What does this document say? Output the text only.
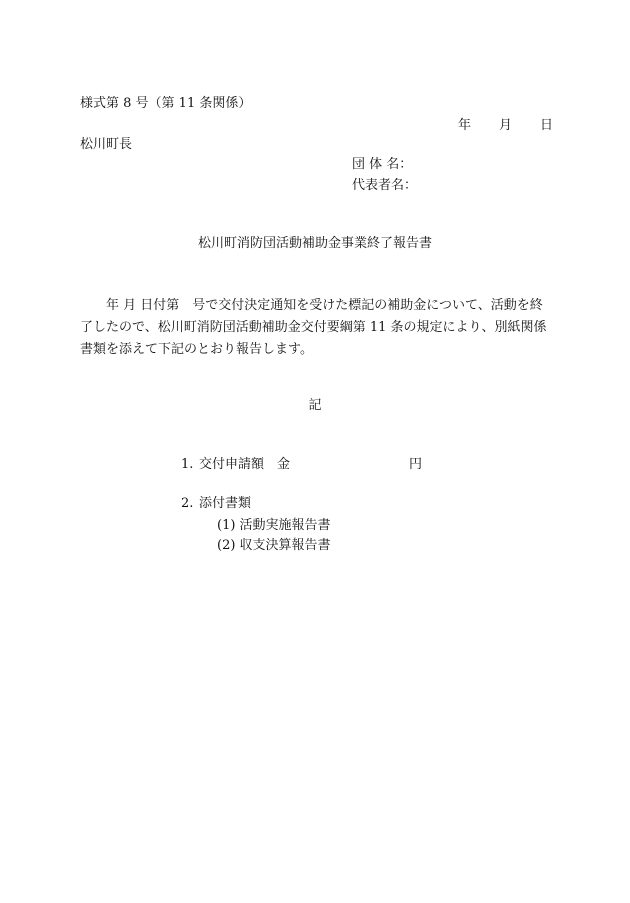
様式第 8 号（第 11 条関係）
年 月 日
松川町長
団 体 名：
代表者名：
松川町消防団活動補助金事業終了報告書
年 月 日付第　号で交付決定通知を受けた標記の補助金について、活動を終了したので、松川町消防団活動補助金交付要綱第 11 条の規定により、別紙関係書類を添えて下記のとおり報告します。
記
1. 交付申請額　金	円
2. 添付書類
(1) 活動実施報告書
(2) 収支決算報告書
